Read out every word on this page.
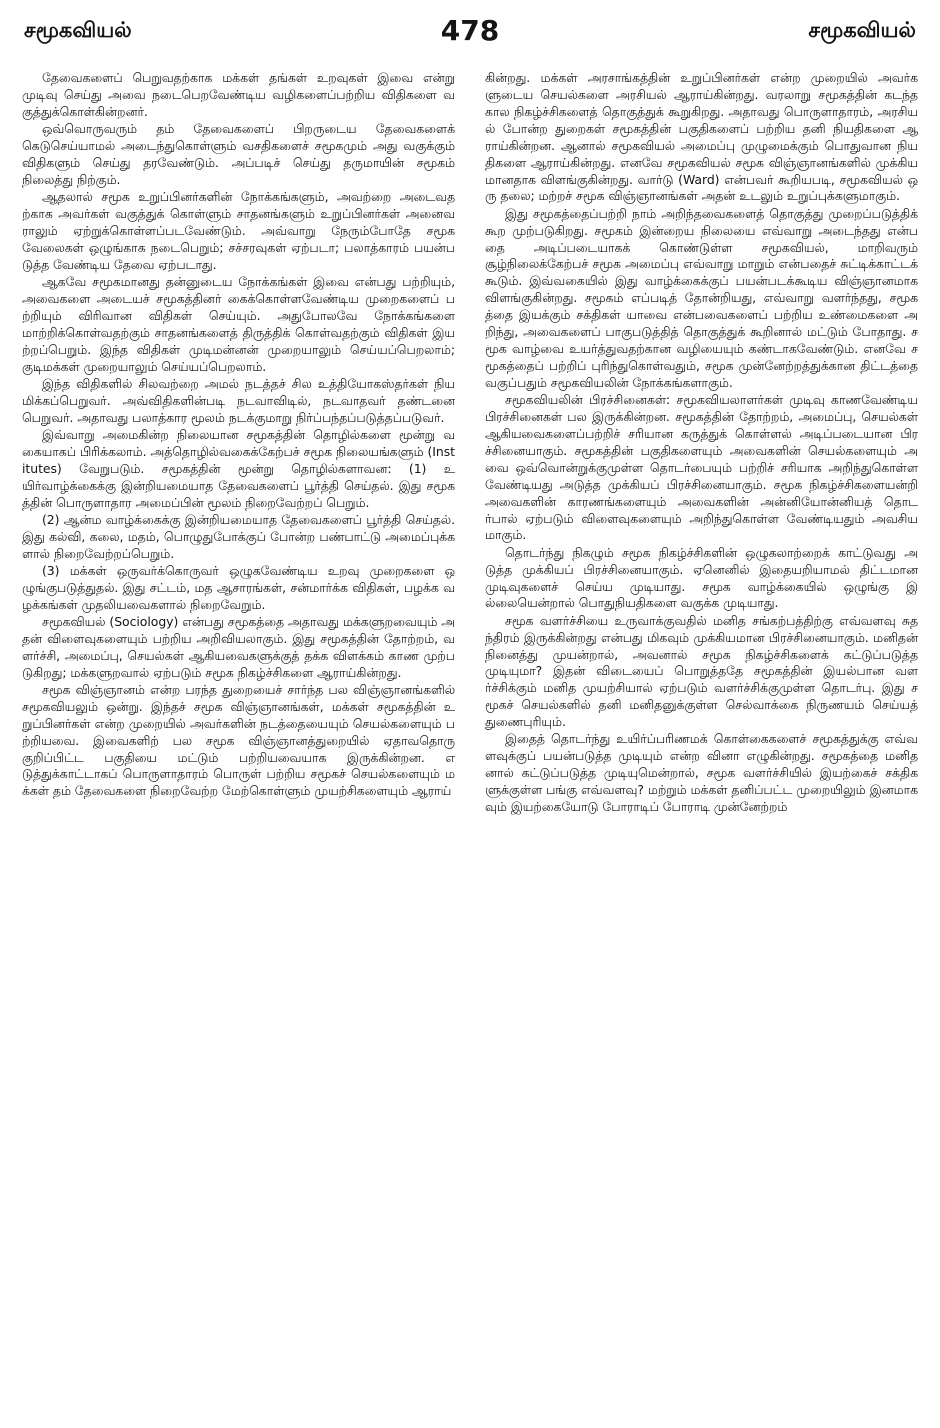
சமூகவியல்	478	சமூகவியல்

தேவைகளைப் பெறுவதற்காக மக்கள் தங்கள் உறவுகள் இவை என்று முடிவு செய்து அவை நடைபெறவேண்டிய வழிகளைப்பற்றிய விதிகளை வகுத்துக்கொள்கின்றனர்.

ஒவ்வொருவரும் தம் தேவைகளைப் பிறருடைய தேவைகளைக் கெடுசெய்யாமல் அடைந்துகொள்ளும் வசதிகளைச் சமூகமும் அது வகுக்கும் விதிகளும் செய்து தரவேண்டும். அப்படிச் செய்து தருமாயின் சமூகம் நிலைத்து நிற்கும்.

ஆதலால் சமூக உறுப்பினர்களின் நோக்கங்களும், அவற்றை அடைவதற்காக அவர்கள் வகுத்துக் கொள்ளும் சாதனங்களும் உறுப்பினர்கள் அனைவராலும் ஏற்றுக்கொள்ளப்படவேண்டும். அவ்வாறு நேரும்போதே சமூக வேலைகள் ஒழுங்காக நடைபெறும்; சச்சரவுகள் ஏற்படா; பலாத்காரம் பயன்படுத்த வேண்டிய தேவை ஏற்படாது.

ஆகவே சமூகமானது தன்னுடைய நோக்கங்கள் இவை என்பது பற்றியும், அவைகளை அடையச் சமூகத்தினர் கைக்கொள்ளவேண்டிய முறைகளைப் பற்றியும் விரிவான விதிகள் செய்யும். அதுபோலவே நோக்கங்களை மாற்றிக்கொள்வதற்கும் சாதனங்களைத் திருத்திக் கொள்வதற்கும் விதிகள் இயற்றப்பெறும். இந்த விதிகள் முடிமன்னன் முறையாலும் செய்யப்பெறலாம்; குடிமக்கள் முறையாலும் செய்யப்பெறலாம்.

இந்த விதிகளில் சிலவற்றை அமல் நடத்தச் சில உத்தியோகஸ்தர்கள் நியமிக்கப்பெறுவர். அவ்விதிகளின்படி நடவாவிடில், நடவாதவர் தண்டனை பெறுவர். அதாவது பலாத்கார மூலம் நடக்குமாறு நிர்ப்பந்தப்படுத்தப்படுவர்.

இவ்வாறு அமைகின்ற நிலையான சமூகத்தின் தொழில்களை மூன்று வகையாகப் பிரிக்கலாம். அத்தொழில்வகைக்கேற்பச் சமூக நிலையங்களும் (Institutes) வேறுபடும். சமூகத்தின் மூன்று தொழில்களாவன: (1) உயிர்வாழ்க்கைக்கு இன்றியமையாத தேவைகளைப் பூர்த்தி செய்தல். இது சமூகத்தின் பொருளாதார அமைப்பின் மூலம் நிறைவேற்றப் பெறும்.

(2) ஆன்ம வாழ்க்கைக்கு இன்றியமையாத தேவைகளைப் பூர்த்தி செய்தல். இது கல்வி, கலை, மதம், பொழுதுபோக்குப் போன்ற பண்பாட்டு அமைப்புக்களால் நிறைவேற்றப்பெறும்.

(3) மக்கள் ஒருவர்க்கொருவர் ஒழுகவேண்டிய உறவு முறைகளை ஒழுங்குபடுத்துதல். இது சட்டம், மத ஆசாரங்கள், சன்மார்க்க விதிகள், பழக்க வழக்கங்கள் முதலியவைகளால் நிறைவேறும்.

சமூகவியல் (Sociology) என்பது சமூகத்தை அதாவது மக்களுறவையும் அதன் விளைவுகளையும் பற்றிய அறிவியலாகும். இது சமூகத்தின் தோற்றம், வளர்ச்சி, அமைப்பு, செயல்கள் ஆகியவைகளுக்குத் தக்க விளக்கம் காண முற்படுகிறது; மக்களுறவால் ஏற்படும் சமூக நிகழ்ச்சிகளை ஆராய்கின்றது.

சமூக விஞ்ஞானம் என்ற பரந்த துறையைச் சார்ந்த பல விஞ்ஞானங்களில் சமூகவியலும் ஒன்று. இந்தச் சமூக விஞ்ஞானங்கள், மக்கள் சமூகத்தின் உறுப்பினர்கள் என்ற முறையில் அவர்களின் நடத்தையையும் செயல்களையும் பற்றியவை. இவைகளிற் பல சமூக விஞ்ஞானத்துறையில் ஏதாவதொரு குறிப்பிட்ட பகுதியை மட்டும் பற்றியவையாக இருக்கின்றன. எடுத்துக்காட்டாகப் பொருளாதாரம் பொருள் பற்றிய சமூகச் செயல்களையும் மக்கள் தம் தேவைகளை நிறைவேற்ற மேற்கொள்ளும் முயற்சிகளையும் ஆராய்

கின்றது. மக்கள் அரசாங்கத்தின் உறுப்பினர்கள் என்ற முறையில் அவர்களுடைய செயல்களை அரசியல் ஆராய்கின்றது. வரலாறு சமூகத்தின் கடந்த கால நிகழ்ச்சிகளைத் தொகுத்துக் கூறுகிறது. அதாவது பொருளாதாரம், அரசியல் போன்ற துறைகள் சமூகத்தின் பகுதிகளைப் பற்றிய தனி நியதிகளை ஆராய்கின்றன. ஆனால் சமூகவியல் அமைப்பு முழுமைக்கும் பொதுவான நியதிகளை ஆராய்கின்றது. எனவே சமூகவியல் சமூக விஞ்ஞானங்களில் முக்கியமானதாக விளங்குகின்றது. வார்டு (Ward) என்பவர் கூறியபடி, சமூகவியல் ஒரு தலை; மற்றச் சமூக விஞ்ஞானங்கள் அதன் உடலும் உறுப்புக்களுமாகும்.

இது சமூகத்தைப்பற்றி நாம் அறிந்தவைகளைத் தொகுத்து முறைப்படுத்திக் கூற முற்படுகிறது. சமூகம் இன்றைய நிலையை எவ்வாறு அடைந்தது என்பதை அடிப்படையாகக் கொண்டுள்ள சமூகவியல், மாறிவரும் சூழ்நிலைக்கேற்பச் சமூக அமைப்பு எவ்வாறு மாறும் என்பதைச் சுட்டிக்காட்டக் கூடும். இவ்வகையில் இது வாழ்க்கைக்குப் பயன்படக்கூடிய விஞ்ஞானமாக விளங்குகின்றது. சமூகம் எப்படித் தோன்றியது, எவ்வாறு வளர்ந்தது, சமூகத்தை இயக்கும் சக்திகள் யாவை என்பவைகளைப் பற்றிய உண்மைகளை அறிந்து, அவைகளைப் பாகுபடுத்தித் தொகுத்துக் கூறினால் மட்டும் போதாது. சமூக வாழ்வை உயர்த்துவதற்கான வழியையும் கண்டாகவேண்டும். எனவே சமூகத்தைப் பற்றிப் புரிந்துகொள்வதும், சமூக முன்னேற்றத்துக்கான திட்டத்தை வகுப்பதும் சமூகவியலின் நோக்கங்களாகும்.

சமூகவியலின் பிரச்சினைகள்: சமூகவியலாளர்கள் முடிவு காணவேண்டிய பிரச்சினைகள் பல இருக்கின்றன. சமூகத்தின் தோற்றம், அமைப்பு, செயல்கள் ஆகியவைகளைப்பற்றிச் சரியான கருத்துக் கொள்ளல் அடிப்படையான பிரச்சினையாகும். சமூகத்தின் பகுதிகளையும் அவைகளின் செயல்களையும் அவை ஒவ்வொன்றுக்குமுள்ள தொடர்பையும் பற்றிச் சரியாக அறிந்துகொள்ள வேண்டியது அடுத்த முக்கியப் பிரச்சினையாகும். சமூக நிகழ்ச்சிகளையன்றி அவைகளின் காரணங்களையும் அவைகளின் அன்னியோன்னியத் தொடர்பால் ஏற்படும் விளைவுகளையும் அறிந்துகொள்ள வேண்டியதும் அவசியமாகும்.

தொடர்ந்து நிகழும் சமூக நிகழ்ச்சிகளின் ஒழுகலாற்றைக் காட்டுவது அடுத்த முக்கியப் பிரச்சினையாகும். ஏனெனில் இதையறியாமல் திட்டமான முடிவுகளைச் செய்ய முடியாது. சமூக வாழ்க்கையில் ஒழுங்கு இல்லையென்றால் பொதுநியதிகளை வகுக்க முடியாது.

சமூக வளர்ச்சியை உருவாக்குவதில் மனித சங்கற்பத்திற்கு எவ்வளவு சுதந்திரம் இருக்கின்றது என்பது மிகவும் முக்கியமான பிரச்சினையாகும். மனிதன் நினைத்து முயன்றால், அவனால் சமூக நிகழ்ச்சிகளைக் கட்டுப்படுத்த முடியுமா? இதன் விடையைப் பொறுத்ததே சமூகத்தின் இயல்பான வளர்ச்சிக்கும் மனித முயற்சியால் ஏற்படும் வளர்ச்சிக்குமுள்ள தொடர்பு. இது சமூகச் செயல்களில் தனி மனிதனுக்குள்ள செல்வாக்கை நிருணயம் செய்யத் துணைபுரியும்.

இதைத் தொடர்ந்து உயிர்ப்பரிணமக் கொள்கைகளைச் சமூகத்துக்கு எவ்வளவுக்குப் பயன்படுத்த முடியும் என்ற வினா எழுகின்றது. சமூகத்தை மனிதனால் கட்டுப்படுத்த முடியுமென்றால், சமூக வளர்ச்சியில் இயற்கைச் சக்திகளுக்குள்ள பங்கு எவ்வளவு? மற்றும் மக்கள் தனிப்பட்ட முறையிலும் இனமாகவும் இயற்கையோடு போராடிப் போராடி முன்னேற்றம்
